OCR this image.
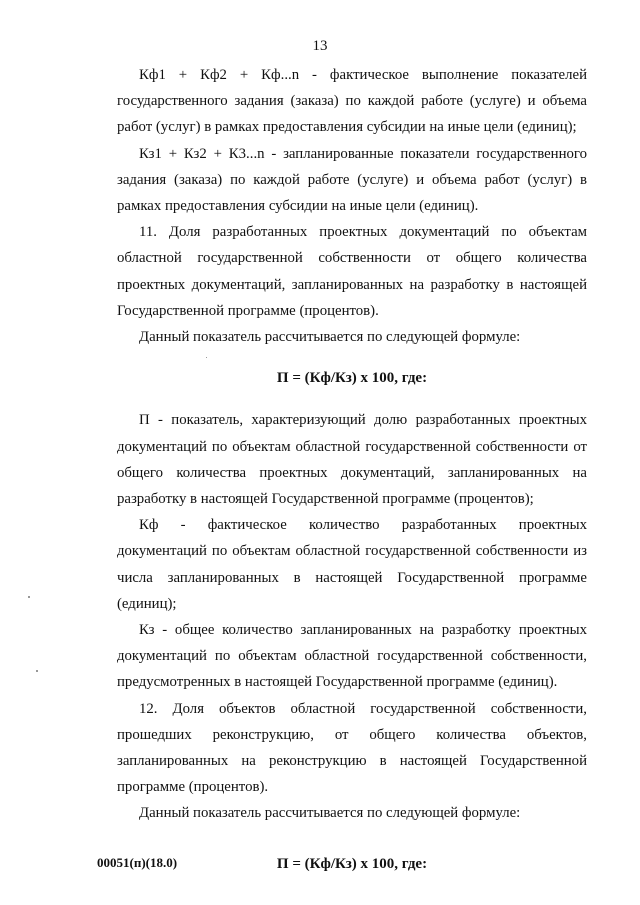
13

Кф1 + Кф2 + Кф...n - фактическое выполнение показателей государственного задания (заказа) по каждой работе (услуге) и объема работ (услуг) в рамках предоставления субсидии на иные цели (единиц);

Кз1 + Кз2 + К3...n - запланированные показатели государственного задания (заказа) по каждой работе (услуге) и объема работ (услуг) в рамках предоставления субсидии на иные цели (единиц).

11. Доля разработанных проектных документаций по объектам областной государственной собственности от общего количества проектных документаций, запланированных на разработку в настоящей Государственной программе (процентов).

Данный показатель рассчитывается по следующей формуле:

П = (Кф/Кз) х 100, где:

П - показатель, характеризующий долю разработанных проектных документаций по объектам областной государственной собственности от общего количества проектных документаций, запланированных на разработку в настоящей Государственной программе (процентов);

Кф - фактическое количество разработанных проектных документаций по объектам областной государственной собственности из числа запланированных в настоящей Государственной программе (единиц);

Кз - общее количество запланированных на разработку проектных документаций по объектам областной государственной собственности, предусмотренных в настоящей Государственной программе (единиц).

12. Доля объектов областной государственной собственности, прошедших реконструкцию, от общего количества объектов, запланированных на реконструкцию в настоящей Государственной программе (процентов).

Данный показатель рассчитывается по следующей формуле:

П = (Кф/Кз) х 100, где:

00051(п)(18.0)
